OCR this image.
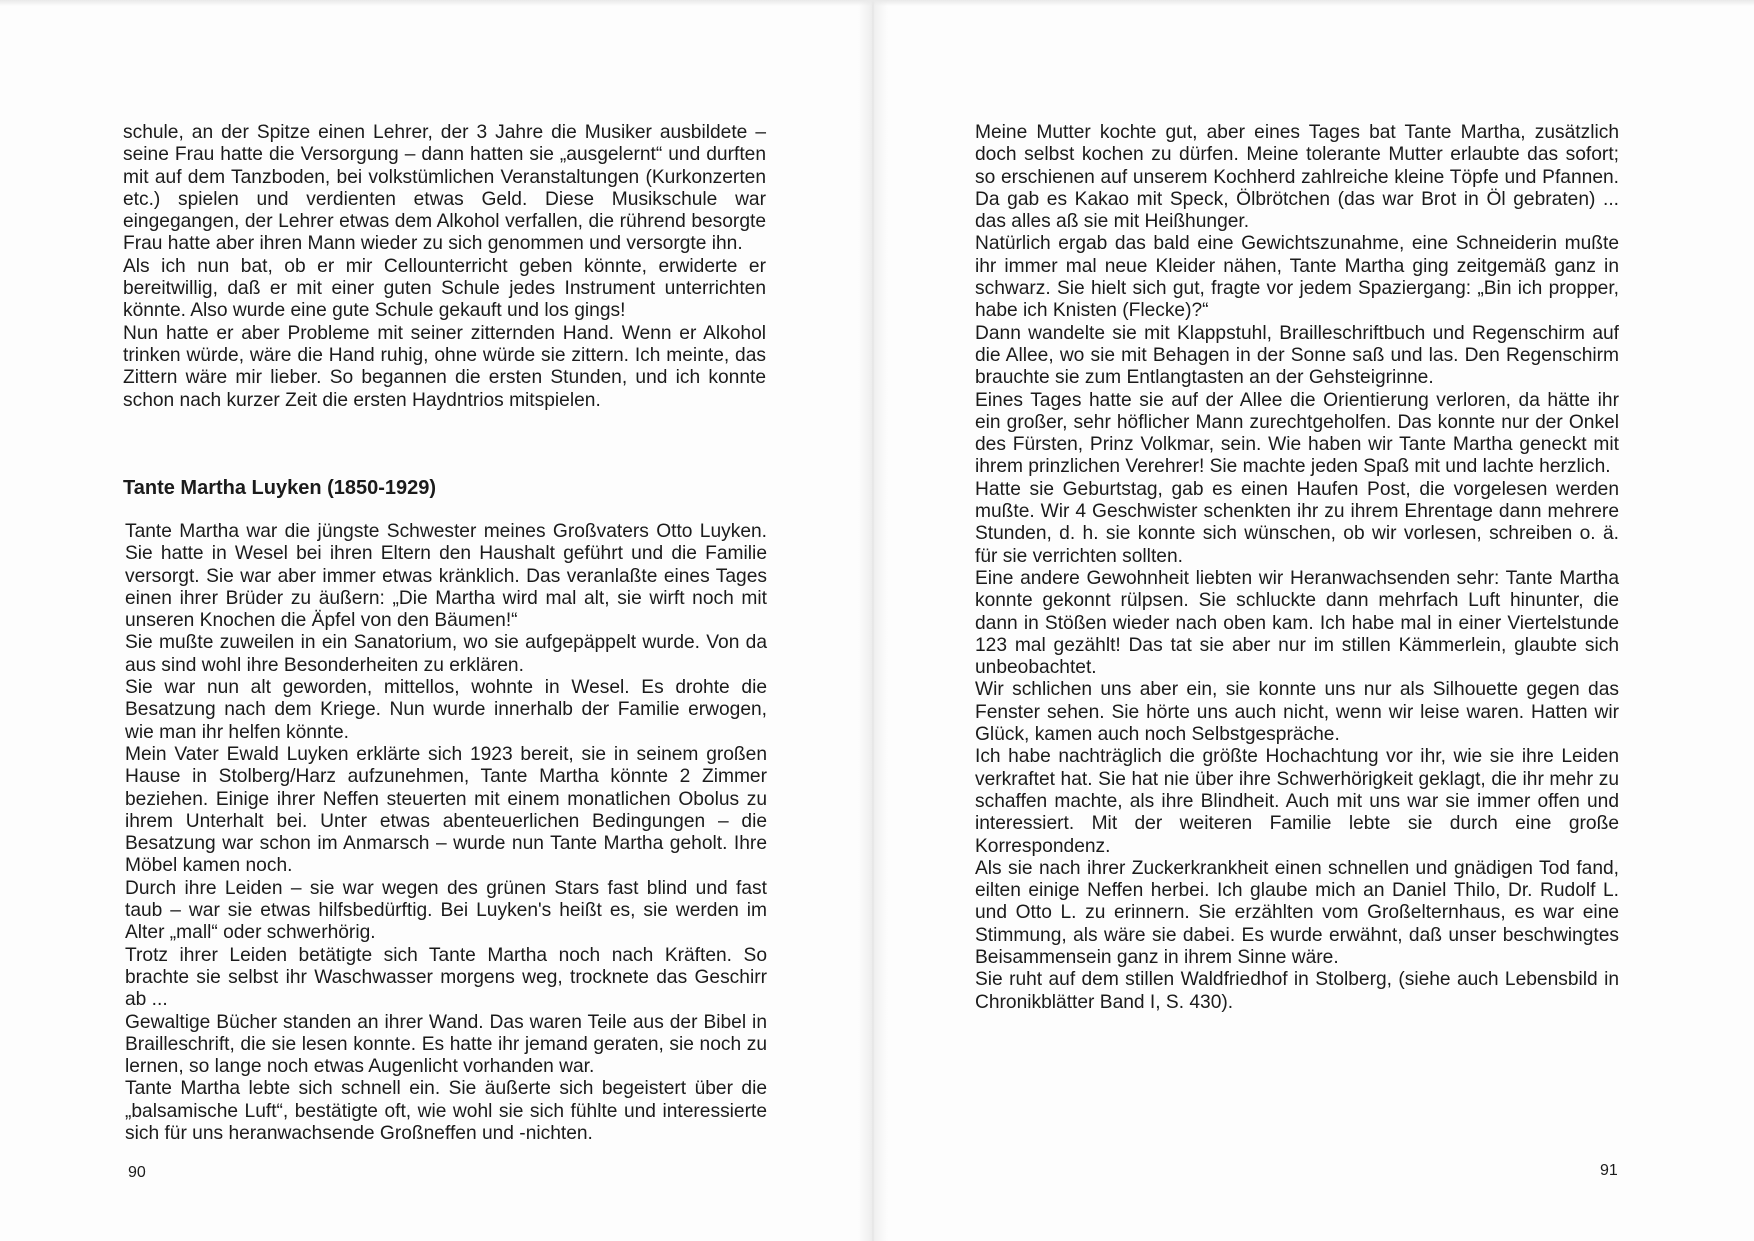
schule, an der Spitze einen Lehrer, der 3 Jahre die Musiker ausbildete – seine Frau hatte die Versorgung – dann hatten sie „ausgelernt“ und durften mit auf dem Tanzboden, bei volkstümlichen Veranstaltungen (Kurkonzerten etc.) spielen und verdienten etwas Geld. Diese Musikschule war eingegangen, der Lehrer etwas dem Alkohol verfallen, die rührend besorgte Frau hatte aber ihren Mann wieder zu sich genommen und versorgte ihn.

Als ich nun bat, ob er mir Cellounterricht geben könnte, erwiderte er bereitwillig, daß er mit einer guten Schule jedes Instrument unterrichten könnte. Also wurde eine gute Schule gekauft und los gings!

Nun hatte er aber Probleme mit seiner zitternden Hand. Wenn er Alkohol trinken würde, wäre die Hand ruhig, ohne würde sie zittern. Ich meinte, das Zittern wäre mir lieber. So begannen die ersten Stunden, und ich konnte schon nach kurzer Zeit die ersten Haydntrios mitspielen.

Tante Martha Luyken (1850-1929)

Tante Martha war die jüngste Schwester meines Großvaters Otto Luyken. Sie hatte in Wesel bei ihren Eltern den Haushalt geführt und die Familie versorgt. Sie war aber immer etwas kränklich. Das veranlaßte eines Tages einen ihrer Brüder zu äußern: „Die Martha wird mal alt, sie wirft noch mit unseren Knochen die Äpfel von den Bäumen!“

Sie mußte zuweilen in ein Sanatorium, wo sie aufgepäppelt wurde. Von da aus sind wohl ihre Besonderheiten zu erklären.

Sie war nun alt geworden, mittellos, wohnte in Wesel. Es drohte die Besatzung nach dem Kriege. Nun wurde innerhalb der Familie erwogen, wie man ihr helfen könnte.

Mein Vater Ewald Luyken erklärte sich 1923 bereit, sie in seinem großen Hause in Stolberg/Harz aufzunehmen, Tante Martha könnte 2 Zimmer beziehen. Einige ihrer Neffen steuerten mit einem monatlichen Obolus zu ihrem Unterhalt bei. Unter etwas abenteuerlichen Bedingungen – die Besatzung war schon im Anmarsch – wurde nun Tante Martha geholt. Ihre Möbel kamen noch.

Durch ihre Leiden – sie war wegen des grünen Stars fast blind und fast taub – war sie etwas hilfsbedürftig. Bei Luyken's heißt es, sie werden im Alter „mall“ oder schwerhörig.

Trotz ihrer Leiden betätigte sich Tante Martha noch nach Kräften. So brachte sie selbst ihr Waschwasser morgens weg, trocknete das Geschirr ab ...

Gewaltige Bücher standen an ihrer Wand. Das waren Teile aus der Bibel in Brailleschrift, die sie lesen konnte. Es hatte ihr jemand geraten, sie noch zu lernen, so lange noch etwas Augenlicht vorhanden war.

Tante Martha lebte sich schnell ein. Sie äußerte sich begeistert über die „balsamische Luft“, bestätigte oft, wie wohl sie sich fühlte und interessierte sich für uns heranwachsende Großneffen und -nichten.

90

Meine Mutter kochte gut, aber eines Tages bat Tante Martha, zusätzlich doch selbst kochen zu dürfen. Meine tolerante Mutter erlaubte das sofort; so erschienen auf unserem Kochherd zahlreiche kleine Töpfe und Pfannen. Da gab es Kakao mit Speck, Ölbrötchen (das war Brot in Öl gebraten) ... das alles aß sie mit Heißhunger.

Natürlich ergab das bald eine Gewichtszunahme, eine Schneiderin mußte ihr immer mal neue Kleider nähen, Tante Martha ging zeitgemäß ganz in schwarz. Sie hielt sich gut, fragte vor jedem Spaziergang: „Bin ich propper, habe ich Knisten (Flecke)?“

Dann wandelte sie mit Klappstuhl, Brailleschriftbuch und Regenschirm auf die Allee, wo sie mit Behagen in der Sonne saß und las. Den Regenschirm brauchte sie zum Entlangtasten an der Gehsteigrinne.

Eines Tages hatte sie auf der Allee die Orientierung verloren, da hätte ihr ein großer, sehr höflicher Mann zurechtgeholfen. Das konnte nur der Onkel des Fürsten, Prinz Volkmar, sein. Wie haben wir Tante Martha geneckt mit ihrem prinzlichen Verehrer! Sie machte jeden Spaß mit und lachte herzlich.

Hatte sie Geburtstag, gab es einen Haufen Post, die vorgelesen werden mußte. Wir 4 Geschwister schenkten ihr zu ihrem Ehrentage dann mehrere Stunden, d. h. sie konnte sich wünschen, ob wir vorlesen, schreiben o. ä. für sie verrichten sollten.

Eine andere Gewohnheit liebten wir Heranwachsenden sehr: Tante Martha konnte gekonnt rülpsen. Sie schluckte dann mehrfach Luft hinunter, die dann in Stößen wieder nach oben kam. Ich habe mal in einer Viertelstunde 123 mal gezählt! Das tat sie aber nur im stillen Kämmerlein, glaubte sich unbeobachtet.

Wir schlichen uns aber ein, sie konnte uns nur als Silhouette gegen das Fenster sehen. Sie hörte uns auch nicht, wenn wir leise waren. Hatten wir Glück, kamen auch noch Selbstgespräche.

Ich habe nachträglich die größte Hochachtung vor ihr, wie sie ihre Leiden verkraftet hat. Sie hat nie über ihre Schwerhörigkeit geklagt, die ihr mehr zu schaffen machte, als ihre Blindheit. Auch mit uns war sie immer offen und interessiert. Mit der weiteren Familie lebte sie durch eine große Korrespondenz.

Als sie nach ihrer Zuckerkrankheit einen schnellen und gnädigen Tod fand, eilten einige Neffen herbei. Ich glaube mich an Daniel Thilo, Dr. Rudolf L. und Otto L. zu erinnern. Sie erzählten vom Großelternhaus, es war eine Stimmung, als wäre sie dabei. Es wurde erwähnt, daß unser beschwingtes Beisammensein ganz in ihrem Sinne wäre.

Sie ruht auf dem stillen Waldfriedhof in Stolberg, (siehe auch Lebensbild in Chronikblätter Band I, S. 430).

91
